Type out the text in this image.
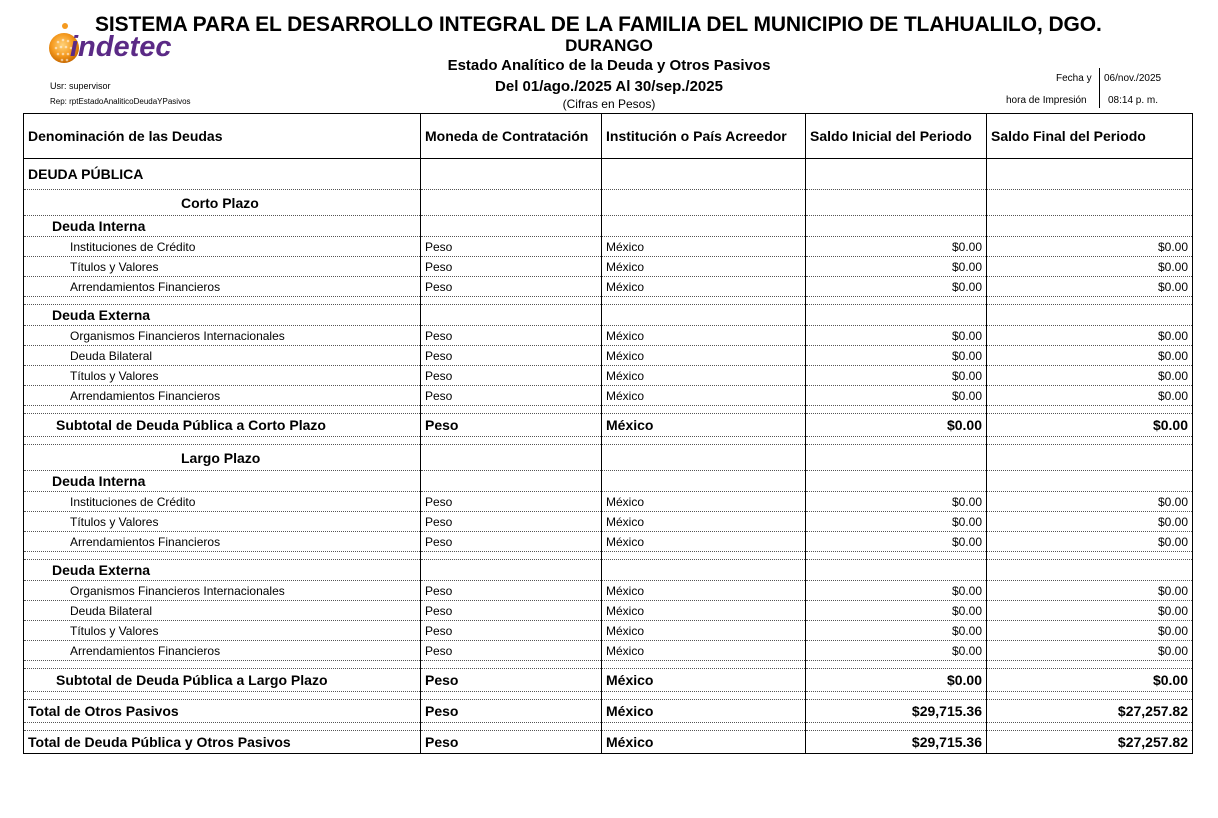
SISTEMA PARA EL DESARROLLO INTEGRAL DE LA FAMILIA DEL MUNICIPIO DE TLAHUALILO, DGO.
DURANGO
Estado Analítico de la Deuda y Otros Pasivos
Del 01/ago./2025 Al 30/sep./2025
(Cifras en Pesos)
indetec
Usr: supervisor
Rep: rptEstadoAnaliticoDeudaYPasivos
Fecha y 06/nov./2025
hora de Impresión 08:14 p. m.
Denominación de las Deudas	Moneda de Contratación	Institución o País Acreedor	Saldo Inicial del Periodo	Saldo Final del Periodo
DEUDA PÚBLICA				
Corto Plazo				
Deuda Interna				
Instituciones de Crédito	Peso	México	$0.00	$0.00
Títulos y Valores	Peso	México	$0.00	$0.00
Arrendamientos Financieros	Peso	México	$0.00	$0.00

Deuda Externa				
Organismos Financieros Internacionales	Peso	México	$0.00	$0.00
Deuda Bilateral	Peso	México	$0.00	$0.00
Títulos y Valores	Peso	México	$0.00	$0.00
Arrendamientos Financieros	Peso	México	$0.00	$0.00

Subtotal de Deuda Pública a Corto Plazo	Peso	México	$0.00	$0.00

Largo Plazo				
Deuda Interna				
Instituciones de Crédito	Peso	México	$0.00	$0.00
Títulos y Valores	Peso	México	$0.00	$0.00
Arrendamientos Financieros	Peso	México	$0.00	$0.00

Deuda Externa				
Organismos Financieros Internacionales	Peso	México	$0.00	$0.00
Deuda Bilateral	Peso	México	$0.00	$0.00
Títulos y Valores	Peso	México	$0.00	$0.00
Arrendamientos Financieros	Peso	México	$0.00	$0.00

Subtotal de Deuda Pública a Largo Plazo	Peso	México	$0.00	$0.00

Total de Otros Pasivos	Peso	México	$29,715.36	$27,257.82

Total de Deuda Pública y Otros Pasivos	Peso	México	$29,715.36	$27,257.82
